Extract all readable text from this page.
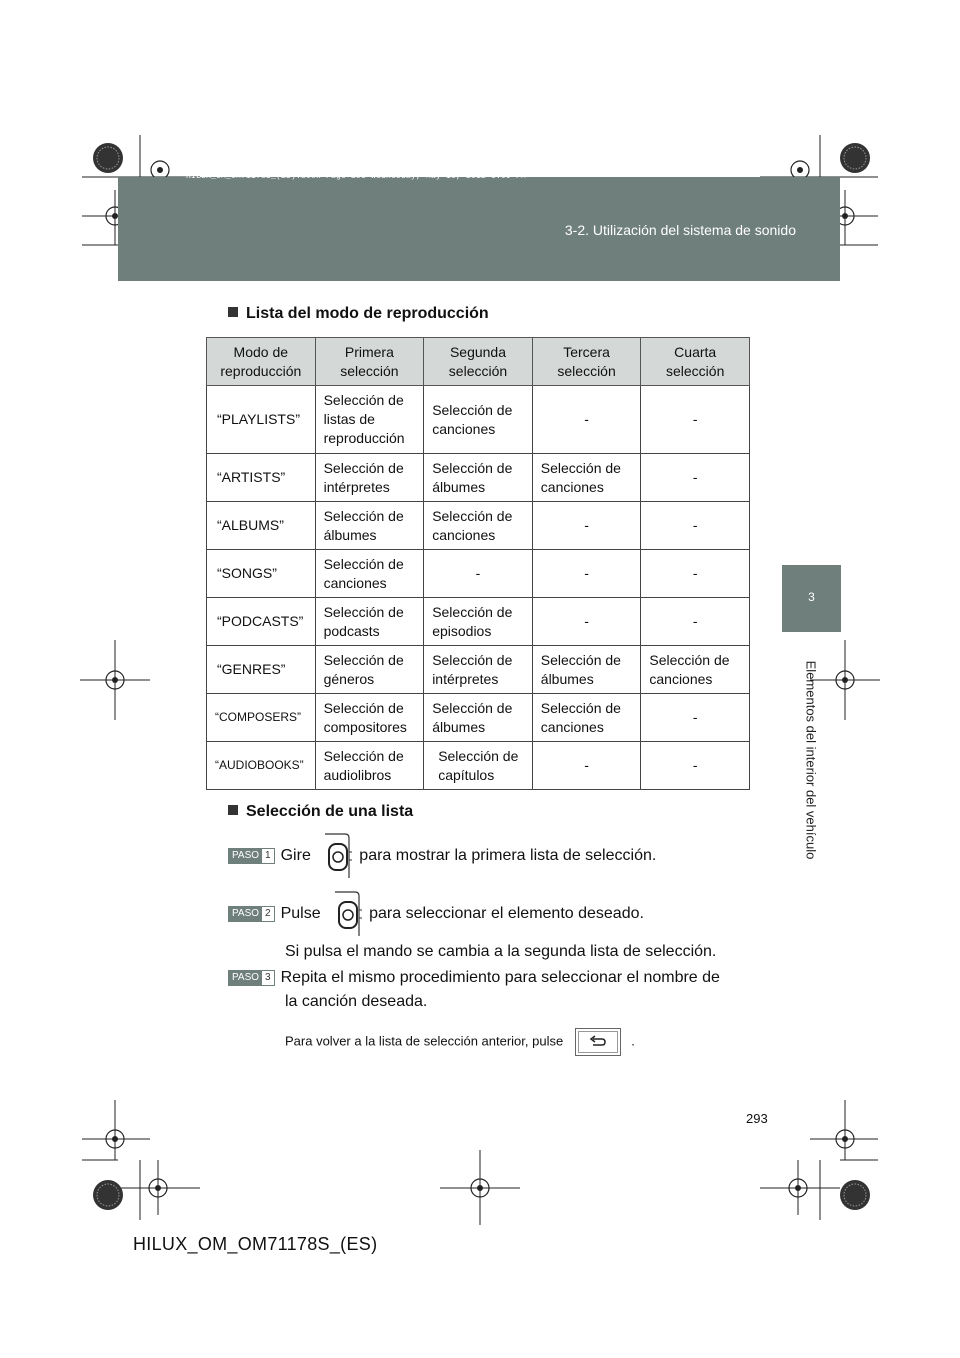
HILUX_OM_OM71178S_(ES).book Page 293 Wednesday, May 16, 2012 3:09 PM
3-2. Utilización del sistema de sonido
3
Elementos del interior del vehículo
Lista del modo de reproducción
Modo de reproducción	Primera selección	Segunda selección	Tercera selección	Cuarta selección
“PLAYLISTS”	Selección de listas de reproducción	Selección de canciones	-	-
“ARTISTS”	Selección de intérpretes	Selección de álbumes	Selección de canciones	-
“ALBUMS”	Selección de álbumes	Selección de canciones	-	-
“SONGS”	Selección de canciones	-	-	-
“PODCASTS”	Selección de podcasts	Selección de episodios	-	-
“GENRES”	Selección de géneros	Selección de intérpretes	Selección de álbumes	Selección de canciones
“COMPOSERS”	Selección de compositores	Selección de álbumes	Selección de canciones	-
“AUDIOBOOKS”	Selección de audiolibros	Selección de capítulos	-	-
Selección de una lista
PASO 1 Gire	para mostrar la primera lista de selección.
PASO 2 Pulse	para seleccionar el elemento deseado.
Si pulsa el mando se cambia a la segunda lista de selección.
PASO 3 Repita el mismo procedimiento para seleccionar el nombre de
la canción deseada.
Para volver a la lista de selección anterior, pulse	.
293
HILUX_OM_OM71178S_(ES)
